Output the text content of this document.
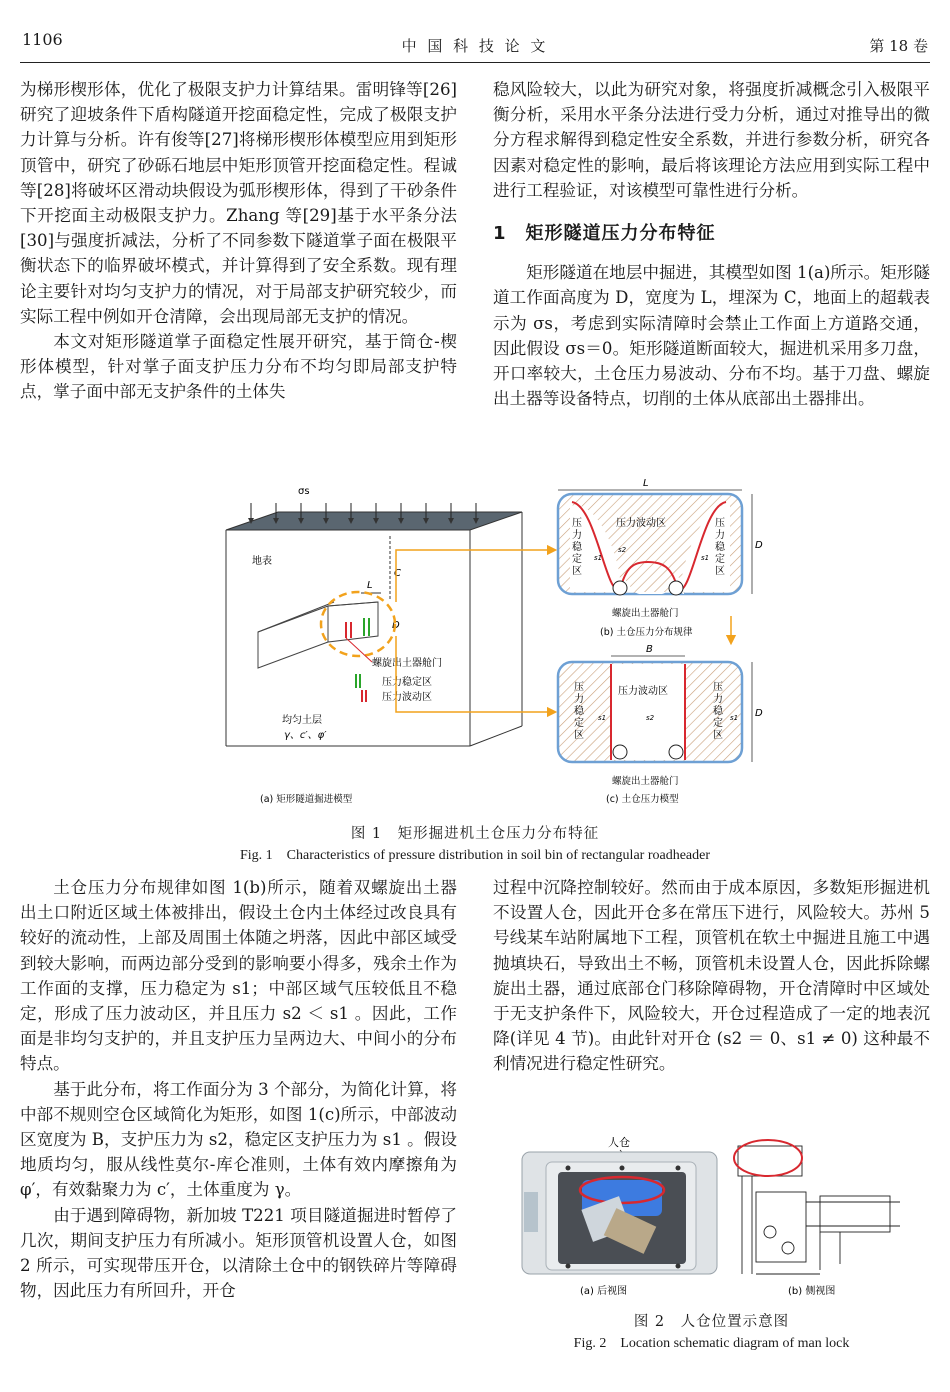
1106	中 国 科 技 论 文	第 18 卷

为梯形楔形体，优化了极限支护力计算结果。雷明锋等[26]研究了迎坡条件下盾构隧道开挖面稳定性，完成了极限支护力计算与分析。许有俊等[27]将梯形楔形体模型应用到矩形顶管中，研究了砂砾石地层中矩形顶管开挖面稳定性。程诚等[28]将破坏区滑动块假设为弧形楔形体，得到了干砂条件下开挖面主动极限支护力。Zhang 等[29]基于水平条分法[30]与强度折减法，分析了不同参数下隧道掌子面在极限平衡状态下的临界破坏模式，并计算得到了安全系数。现有理论主要针对均匀支护力的情况，对于局部支护研究较少，而实际工程中例如开仓清障，会出现局部无支护的情况。

本文对矩形隧道掌子面稳定性展开研究，基于筒仓-楔形体模型，针对掌子面支护压力分布不均匀即局部支护特点，掌子面中部无支护条件的土体失

稳风险较大，以此为研究对象，将强度折减概念引入极限平衡分析，采用水平条分法进行受力分析，通过对推导出的微分方程求解得到稳定性安全系数，并进行参数分析，研究各因素对稳定性的影响，最后将该理论方法应用到实际工程中进行工程验证，对该模型可靠性进行分析。

1　矩形隧道压力分布特征

矩形隧道在地层中掘进，其模型如图 1(a)所示。矩形隧道工作面高度为 D，宽度为 L，埋深为 C，地面上的超载表示为 σs，考虑到实际清障时会禁止工作面上方道路交通，因此假设 σs＝0。矩形隧道断面较大，掘进机采用多刀盘，开口率较大，土仓压力易波动、分布不均。基于刀盘、螺旋出土器等设备特点，切削的土体从底部出土器排出。

σs
地表
L
C
D
螺旋出土器舱门
压力稳定区
压力波动区
均匀土层
γ、c′、φ′
(a) 矩形隧道掘进模型
L
压力波动区
s2
s1	s1
压力稳定区
压力稳定区
D
螺旋出土器舱门
(b) 土仓压力分布规律
B
压力波动区
s2
s1	s1
压力稳定区
压力稳定区
D
螺旋出土器舱门
(c) 土仓压力模型
图 1　矩形掘进机土仓压力分布特征
Fig. 1　Characteristics of pressure distribution in soil bin of rectangular roadheader

土仓压力分布规律如图 1(b)所示，随着双螺旋出土器出土口附近区域土体被排出，假设土仓内土体经过改良具有较好的流动性，上部及周围土体随之坍落，因此中部区域受到较大影响，而两边部分受到的影响要小得多，残余土作为工作面的支撑，压力稳定为 s1；中部区域气压较低且不稳定，形成了压力波动区，并且压力 s2 ＜ s1 。因此，工作面是非均匀支护的，并且支护压力呈两边大、中间小的分布特点。

基于此分布，将工作面分为 3 个部分，为简化计算，将中部不规则空仓区域简化为矩形，如图 1(c)所示，中部波动区宽度为 B，支护压力为 s2，稳定区支护压力为 s1 。假设地质均匀，服从线性莫尔-库仑准则，土体有效内摩擦角为 φ′，有效黏聚力为 c′，土体重度为 γ。

由于遇到障碍物，新加坡 T221 项目隧道掘进时暂停了几次，期间支护压力有所减小。矩形顶管机设置人仓，如图 2 所示，可实现带压开仓，以清除土仓中的钢铁碎片等障碍物，因此压力有所回升，开仓

过程中沉降控制较好。然而由于成本原因，多数矩形掘进机不设置人仓，因此开仓多在常压下进行，风险较大。苏州 5 号线某车站附属地下工程，顶管机在软土中掘进且施工中遇抛填块石，导致出土不畅，顶管机未设置人仓，因此拆除螺旋出土器，通过底部仓门移除障碍物，开仓清障时中区域处于无支护条件下，风险较大，开仓过程造成了一定的地表沉降(详见 4 节)。由此针对开仓 (s2 ＝ 0、s1 ≠ 0) 这种最不利情况进行稳定性研究。

人仓
(a) 后视图	(b) 侧视图
图 2　人仓位置示意图
Fig. 2　Location schematic diagram of man lock
